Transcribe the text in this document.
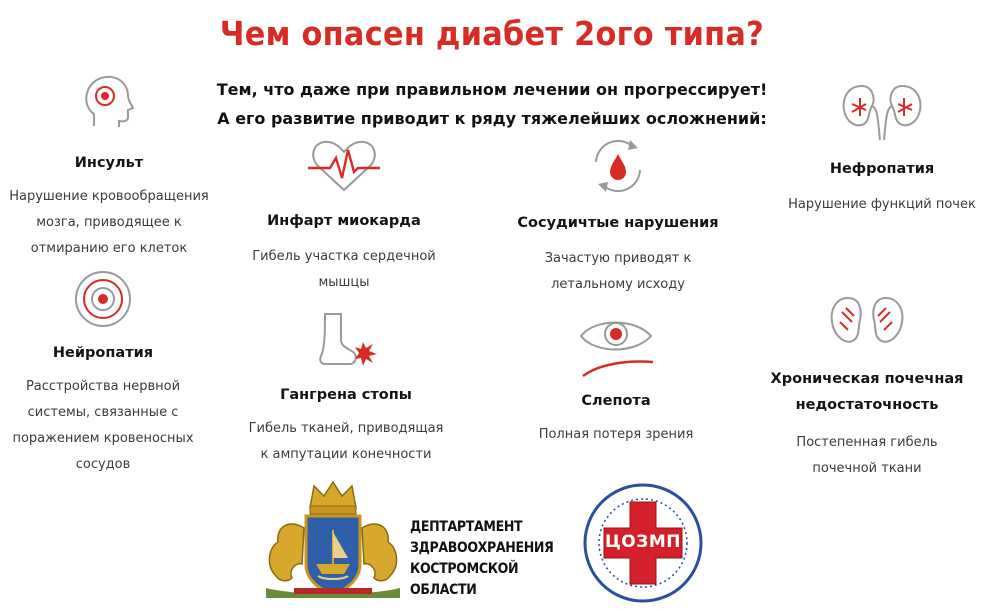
Чем опасен диабет 2ого типа?
Тем, что даже при правильном лечении он прогрессирует!
А его развитие приводит к ряду тяжелейших осложнений:
Инсульт
Нарушение кровообращения
мозга, приводящее к
отмиранию его клеток
Нейропатия
Расстройства нервной
системы, связанные с
поражением кровеносных
сосудов
Инфарт миокарда
Гибель участка сердечной
мышцы
Гангрена стопы
Гибель тканей, приводящая
к ампутации конечности
Сосудичтые нарушения
Зачастую приводят к
летальному исходу
Слепота
Полная потеря зрения
Нефропатия
Нарушение функций почек
Хроническая почечная
недостаточность
Постепенная гибель
почечной ткани
ДЕПТАРТАМЕНТ
ЗДРАВООХРАНЕНИЯ
КОСТРОМСКОЙ ОБЛАСТИ
ЦОЗМП
